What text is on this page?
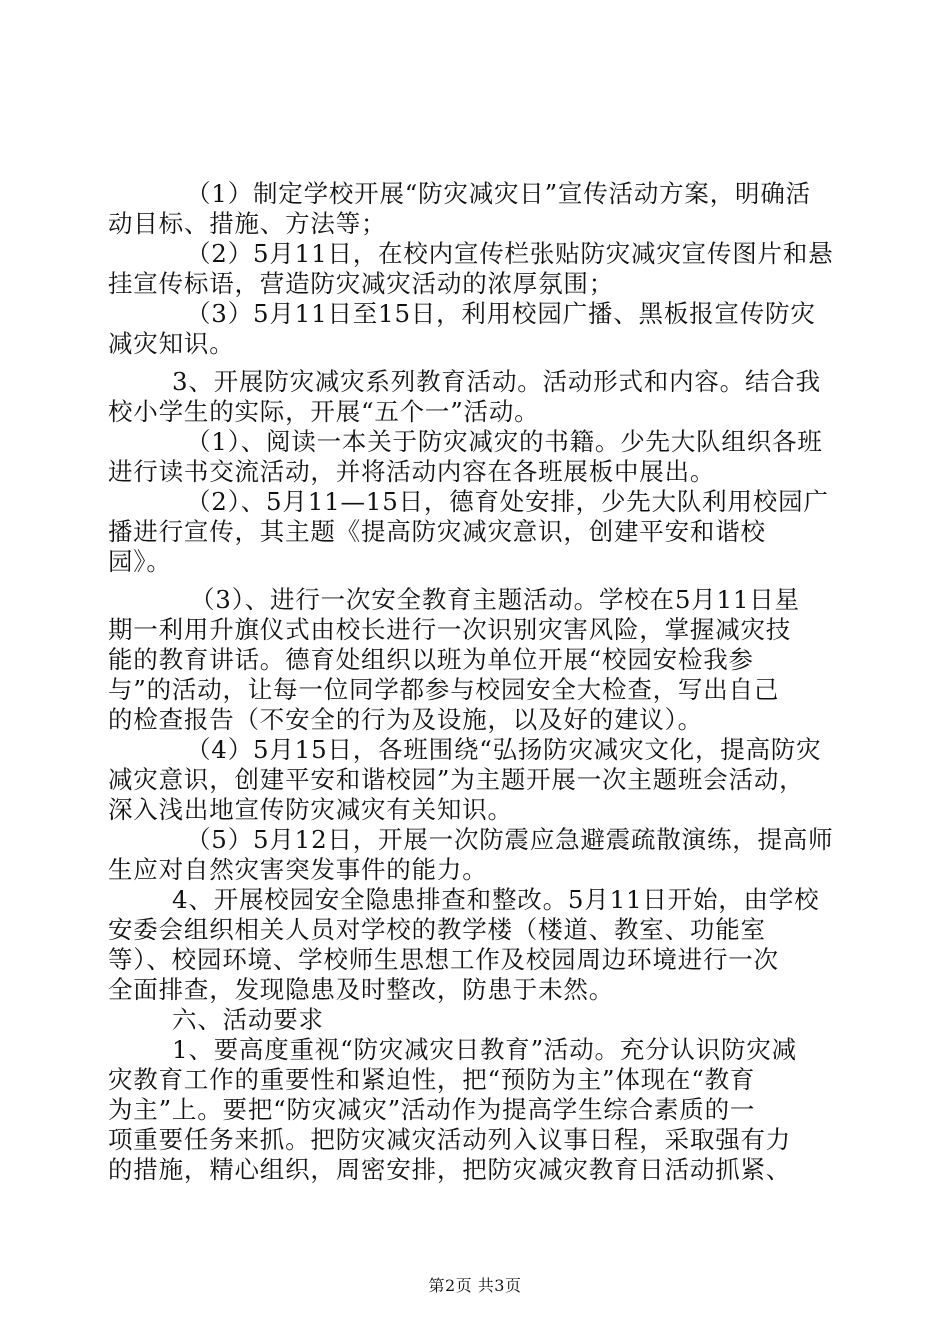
（1）制定学校开展“防灾减灾日”宣传活动方案，明确活
动目标、措施、方法等；
（2）5月11日，在校内宣传栏张贴防灾减灾宣传图片和悬
挂宣传标语，营造防灾减灾活动的浓厚氛围；
（3）5月11日至15日，利用校园广播、黑板报宣传防灾
减灾知识。
3、开展防灾减灾系列教育活动。活动形式和内容。结合我
校小学生的实际，开展“五个一”活动。
（1）、阅读一本关于防灾减灾的书籍。少先大队组织各班
进行读书交流活动，并将活动内容在各班展板中展出。
（2）、5月11—15日，德育处安排，少先大队利用校园广
播进行宣传，其主题《提高防灾减灾意识，创建平安和谐校
园》。
（3）、进行一次安全教育主题活动。学校在5月11日星
期一利用升旗仪式由校长进行一次识别灾害风险，掌握减灾技
能的教育讲话。德育处组织以班为单位开展“校园安检我参
与”的活动，让每一位同学都参与校园安全大检查，写出自己
的检查报告（不安全的行为及设施，以及好的建议）。
（4）5月15日，各班围绕“弘扬防灾减灾文化，提高防灾
减灾意识，创建平安和谐校园”为主题开展一次主题班会活动，
深入浅出地宣传防灾减灾有关知识。
（5）5月12日，开展一次防震应急避震疏散演练，提高师
生应对自然灾害突发事件的能力。
4、开展校园安全隐患排查和整改。5月11日开始，由学校
安委会组织相关人员对学校的教学楼（楼道、教室、功能室
等）、校园环境、学校师生思想工作及校园周边环境进行一次
全面排查，发现隐患及时整改，防患于未然。
六、活动要求
1、要高度重视“防灾减灾日教育”活动。充分认识防灾减
灾教育工作的重要性和紧迫性，把“预防为主”体现在“教育
为主”上。要把“防灾减灾”活动作为提高学生综合素质的一
项重要任务来抓。把防灾减灾活动列入议事日程，采取强有力
的措施，精心组织，周密安排，把防灾减灾教育日活动抓紧、
第2页 共3页
